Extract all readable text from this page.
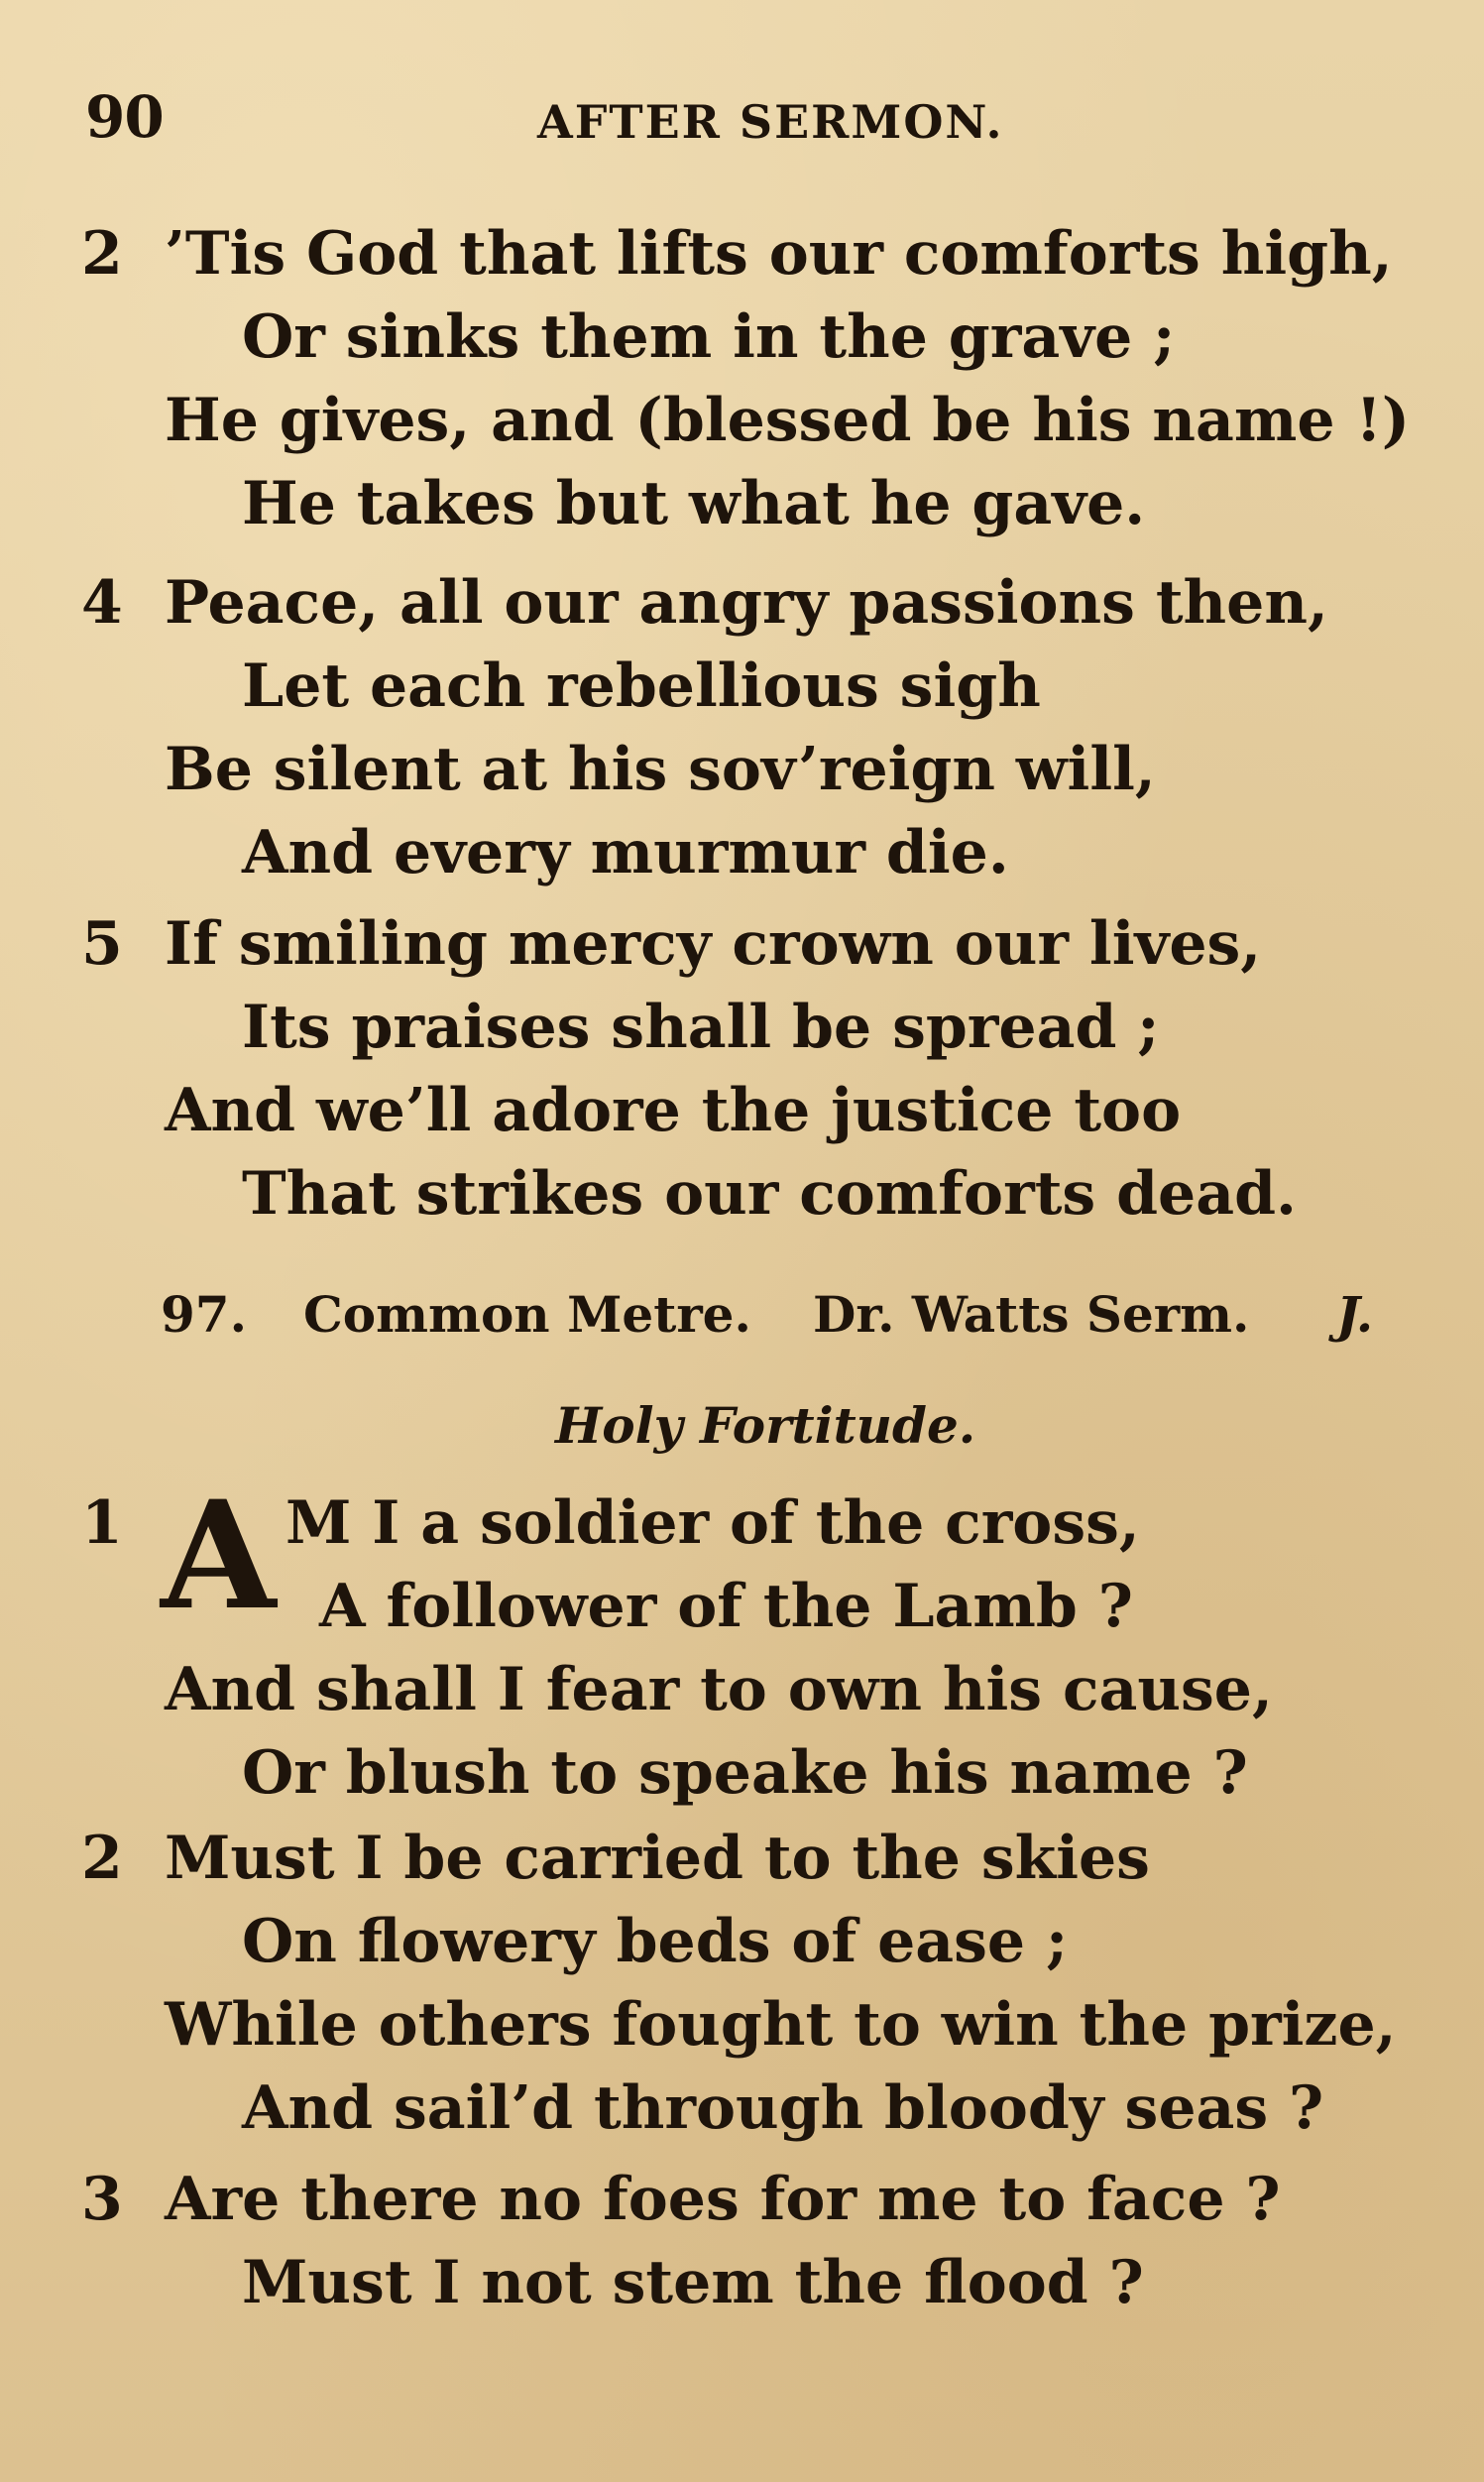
90	AFTER SERMON.
2 ’Tis God that lifts our comforts high,
Or sinks them in the grave ;
He gives, and (blessed be his name !)
He takes but what he gave.
4 Peace, all our angry passions then,
Let each rebellious sigh
Be silent at his sov’reign will,
And every murmur die.
5 If smiling mercy crown our lives,
Its praises shall be spread ;
And we’ll adore the justice too
That strikes our comforts dead.
97. Common Metre. Dr. Watts Serm. J.
Holy Fortitude.
1	M I a soldier of the cross,
A follower of the Lamb ?
And shall I fear to own his cause,
Or blush to speake his name ?
A
2 Must I be carried to the skies
On flowery beds of ease ;
While others fought to win the prize,
And sail’d through bloody seas ?
3 Are there no foes for me to face ?
Must I not stem the flood ?
